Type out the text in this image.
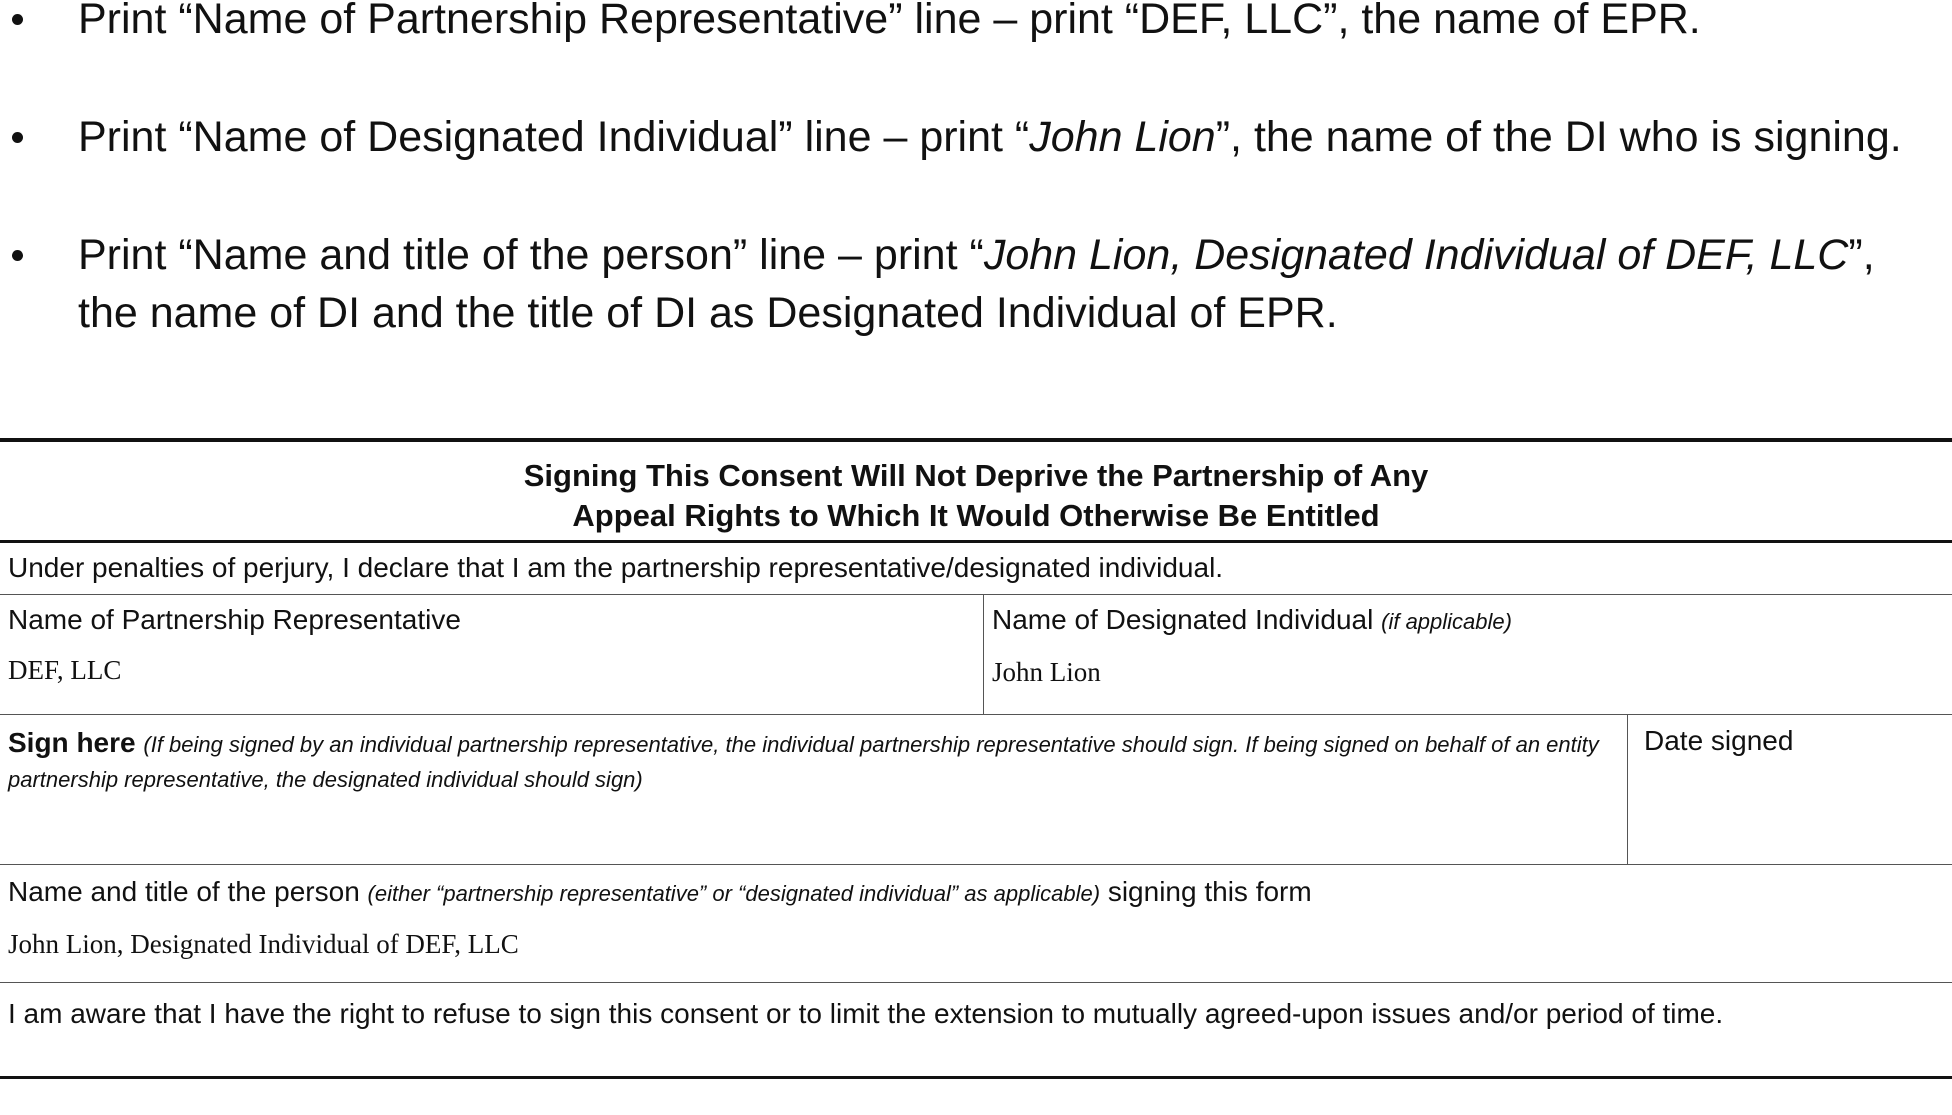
Print “Name of Partnership Representative” line – print “DEF, LLC”, the name of EPR.
Print “Name of Designated Individual” line – print “John Lion”, the name of the DI who is signing.
Print “Name and title of the person” line – print “John Lion, Designated Individual of DEF, LLC”, the name of DI and the title of DI as Designated Individual of EPR.
Signing This Consent Will Not Deprive the Partnership of Any
Appeal Rights to Which It Would Otherwise Be Entitled
Under penalties of perjury, I declare that I am the partnership representative/designated individual.
Name of Partnership Representative
DEF, LLC
Name of Designated Individual (if applicable)
John Lion
Sign here (If being signed by an individual partnership representative, the individual partnership representative should sign. If being signed on behalf of an entity partnership representative, the designated individual should sign)
Date signed
Name and title of the person (either “partnership representative” or “designated individual” as applicable) signing this form
John Lion, Designated Individual of DEF, LLC
I am aware that I have the right to refuse to sign this consent or to limit the extension to mutually agreed-upon issues and/or period of time.
